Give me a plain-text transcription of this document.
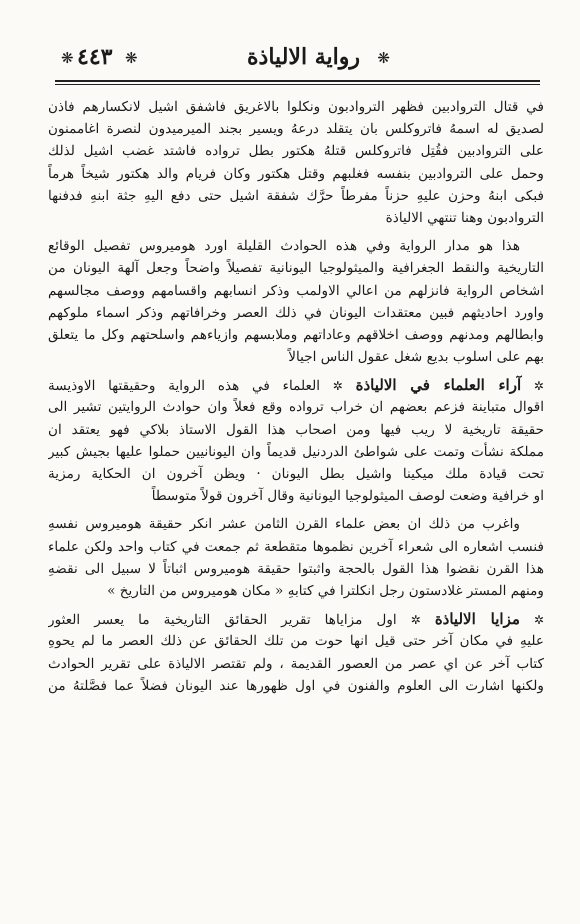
❋
رواية الالياذة
❋ ٤٤٣ ❋
في قتال التروادبين فظهر التروادبون ونكلوا بالاغريق فاشفق اشيل لانكسارهم فاذن
لصديق له اسمهُ فاتروكلس بان يتقلد درعهُ ويسير بجند الميرميدون لنصرة اغاممنون
على التروادبين فقُتِل فاتروكلس قتلهُ هكتور بطل ترواده فاشتد غضب اشيل لذلك
وحمل على التروادبين بنفسه فغلبهم وقتل هكتور وكان فريام والد هكتور شيخاً هرماً
فبكى ابنهُ وحزن عليهِ حزناً مفرطاً حرَّك شفقة اشيل حتى دفع اليهِ جثة ابنهِ فدفنها
التروادبون وهنا تنتهي الالياذة
هذا هو مدار الرواية وفي هذه الحوادث القليلة اورد هوميروس تفصيل الوقائع
التاريخية والنقط الجغرافية والميثولوجيا اليونانية تفصيلاً واضحاً وجعل آلهة اليونان من
اشخاص الرواية فانزلهم من اعالي الاولمب وذكر انسابهم واقسامهم ووصف مجالسهم
واورد احاديثهم فبين معتقدات اليونان في ذلك العصر وخرافاتهم وذكر اسماء ملوكهم
وابطالهم ومدنهم ووصف اخلاقهم وعاداتهم وملابسهم وازياءهم واسلحتهم وكل ما يتعلق
بهم على اسلوب بديع شغل عقول الناس اجيالاً
✲ آراء العلماء في الالياذة ✲ العلماء في هذه الرواية وحقيقتها الاوذيسة
اقوال متباينة فزعم بعضهم ان خراب ترواده وقع فعلاً وان حوادث الروايتين تشير الى
حقيقة تاريخية لا ريب فيها ومن اصحاب هذا القول الاستاذ بلاكي فهو يعتقد ان
مملكة نشأت وتمت على شواطئ الدردنيل قديماً وان اليونانيين حملوا عليها بجيش كبير
تحت قيادة ملك ميكينا واشيل بطل اليونان · ويظن آخرون ان الحكاية رمزية
او خرافية وضعت لوصف الميثولوجيا اليونانية وقال آخرون قولاً متوسطاً
واغرب من ذلك ان بعض علماء القرن الثامن عشر انكر حقيقة هوميروس نفسهِ
فنسب اشعاره الى شعراء آخرين نظموها متقطعة ثم جمعت في كتاب واحد ولكن علماء
هذا القرن نقضوا هذا القول بالحجة واثبتوا حقيقة هوميروس اثباتاً لا سبيل الى نقضهِ
ومنهم المستر غلادستون رجل انكلترا في كتابهِ « مكان هوميروس من التاريخ »
✲ مزايا الالياذة ✲ اول مزاياها تقرير الحقائق التاريخية ما يعسر العثور
عليهِ في مكان آخر حتى قيل انها حوت من تلك الحقائق عن ذلك العصر ما لم يحوهِ
كتاب آخر عن اي عصر من العصور القديمة ، ولم تقتصر الالياذة على تقرير الحوادث
ولكنها اشارت الى العلوم والفنون في اول ظهورها عند اليونان فضلاً عما فصَّلتهُ من
